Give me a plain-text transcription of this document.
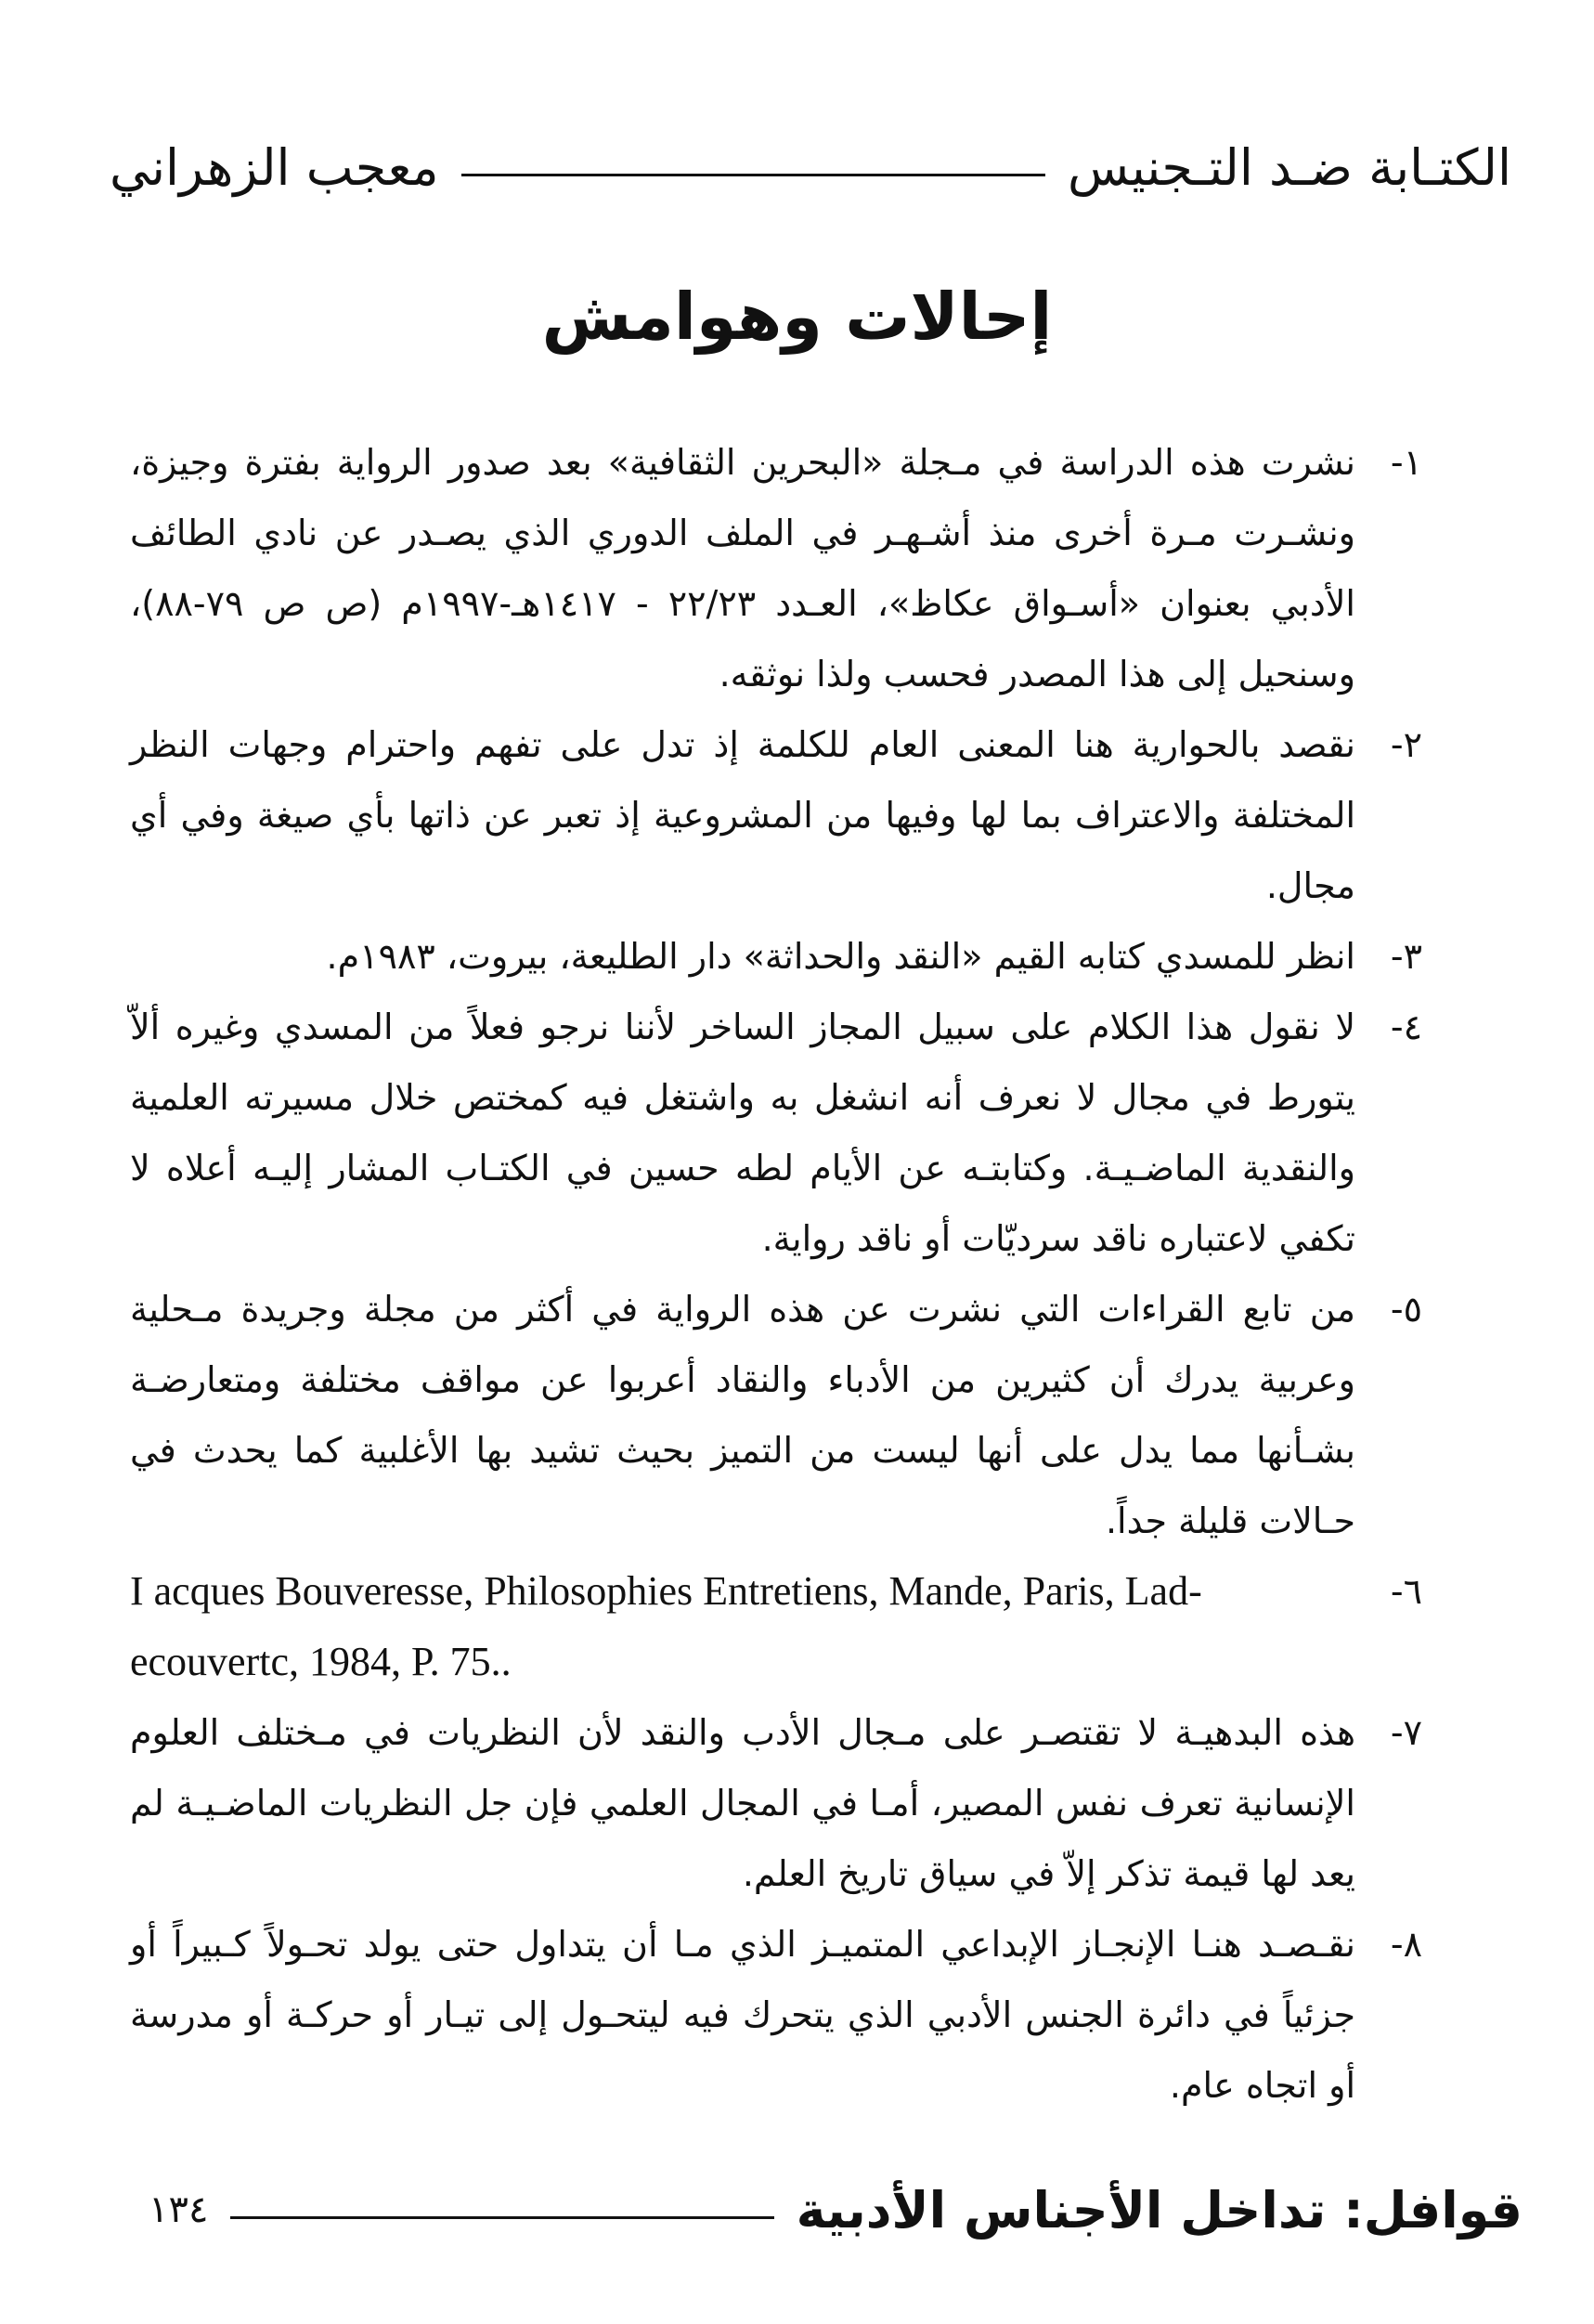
الكتـابة ضـد التـجنيس
معجب الزهراني
إحالات وهوامش
١-
نشرت هذه الدراسة في مـجلة «البحرين الثقافية» بعد صدور الرواية بفترة وجيزة، ونشـرت مـرة أخرى منذ أشـهـر في الملف الدوري الذي يصـدر عن نادي الطائف الأدبي بعنوان «أسـواق عكاظ»، العـدد ٢٢/٢٣ - ١٤١٧هـ-١٩٩٧م (ص ص ٧٩-٨٨)، وسنحيل إلى هذا المصدر فحسب ولذا نوثقه.
٢-
نقصد بالحوارية هنا المعنى العام للكلمة إذ تدل على تفهم واحترام وجهات النظر المختلفة والاعتراف بما لها وفيها من المشروعية إذ تعبر عن ذاتها بأي صيغة وفي أي مجال.
٣-
انظر للمسدي كتابه القيم «النقد والحداثة» دار الطليعة، بيروت، ١٩٨٣م.
٤-
لا نقول هذا الكلام على سبيل المجاز الساخر لأننا نرجو فعلاً من المسدي وغيره ألاّ يتورط في مجال لا نعرف أنه انشغل به واشتغل فيه كمختص خلال مسيرته العلمية والنقدية الماضـيـة. وكتابتـه عن الأيام لطه حسين في الكتـاب المشار إليـه أعلاه لا تكفي لاعتباره ناقد سرديّات أو ناقد رواية.
٥-
من تابع القراءات التي نشرت عن هذه الرواية في أكثر من مجلة وجريدة مـحلية وعربية يدرك أن كثيرين من الأدباء والنقاد أعربوا عن مواقف مختلفة ومتعارضـة بشـأنها مما يدل على أنها ليست من التميز بحيث تشيد بها الأغلبية كما يحدث في حـالات قليلة جداً.
٦-
I acques Bouveresse, Philosophies Entretiens, Mande, Paris, Lad-ecouvertc, 1984, P. 75..
٧-
هذه البدهيـة لا تقتصـر على مـجال الأدب والنقد لأن النظريات في مـختلف العلوم الإنسانية تعرف نفس المصير، أمـا في المجال العلمي فإن جل النظريات الماضـيـة لم يعد لها قيمة تذكر إلاّ في سياق تاريخ العلم.
٨-
نقـصـد هنـا الإنجـاز الإبداعي المتميـز الذي مـا أن يتداول حتى يولد تحـولاً كـبيراً أو جزئياً في دائرة الجنس الأدبي الذي يتحرك فيه ليتحـول إلى تيـار أو حركـة أو مدرسة أو اتجاه عام.
قوافل: تداخل الأجناس الأدبية
١٣٤
